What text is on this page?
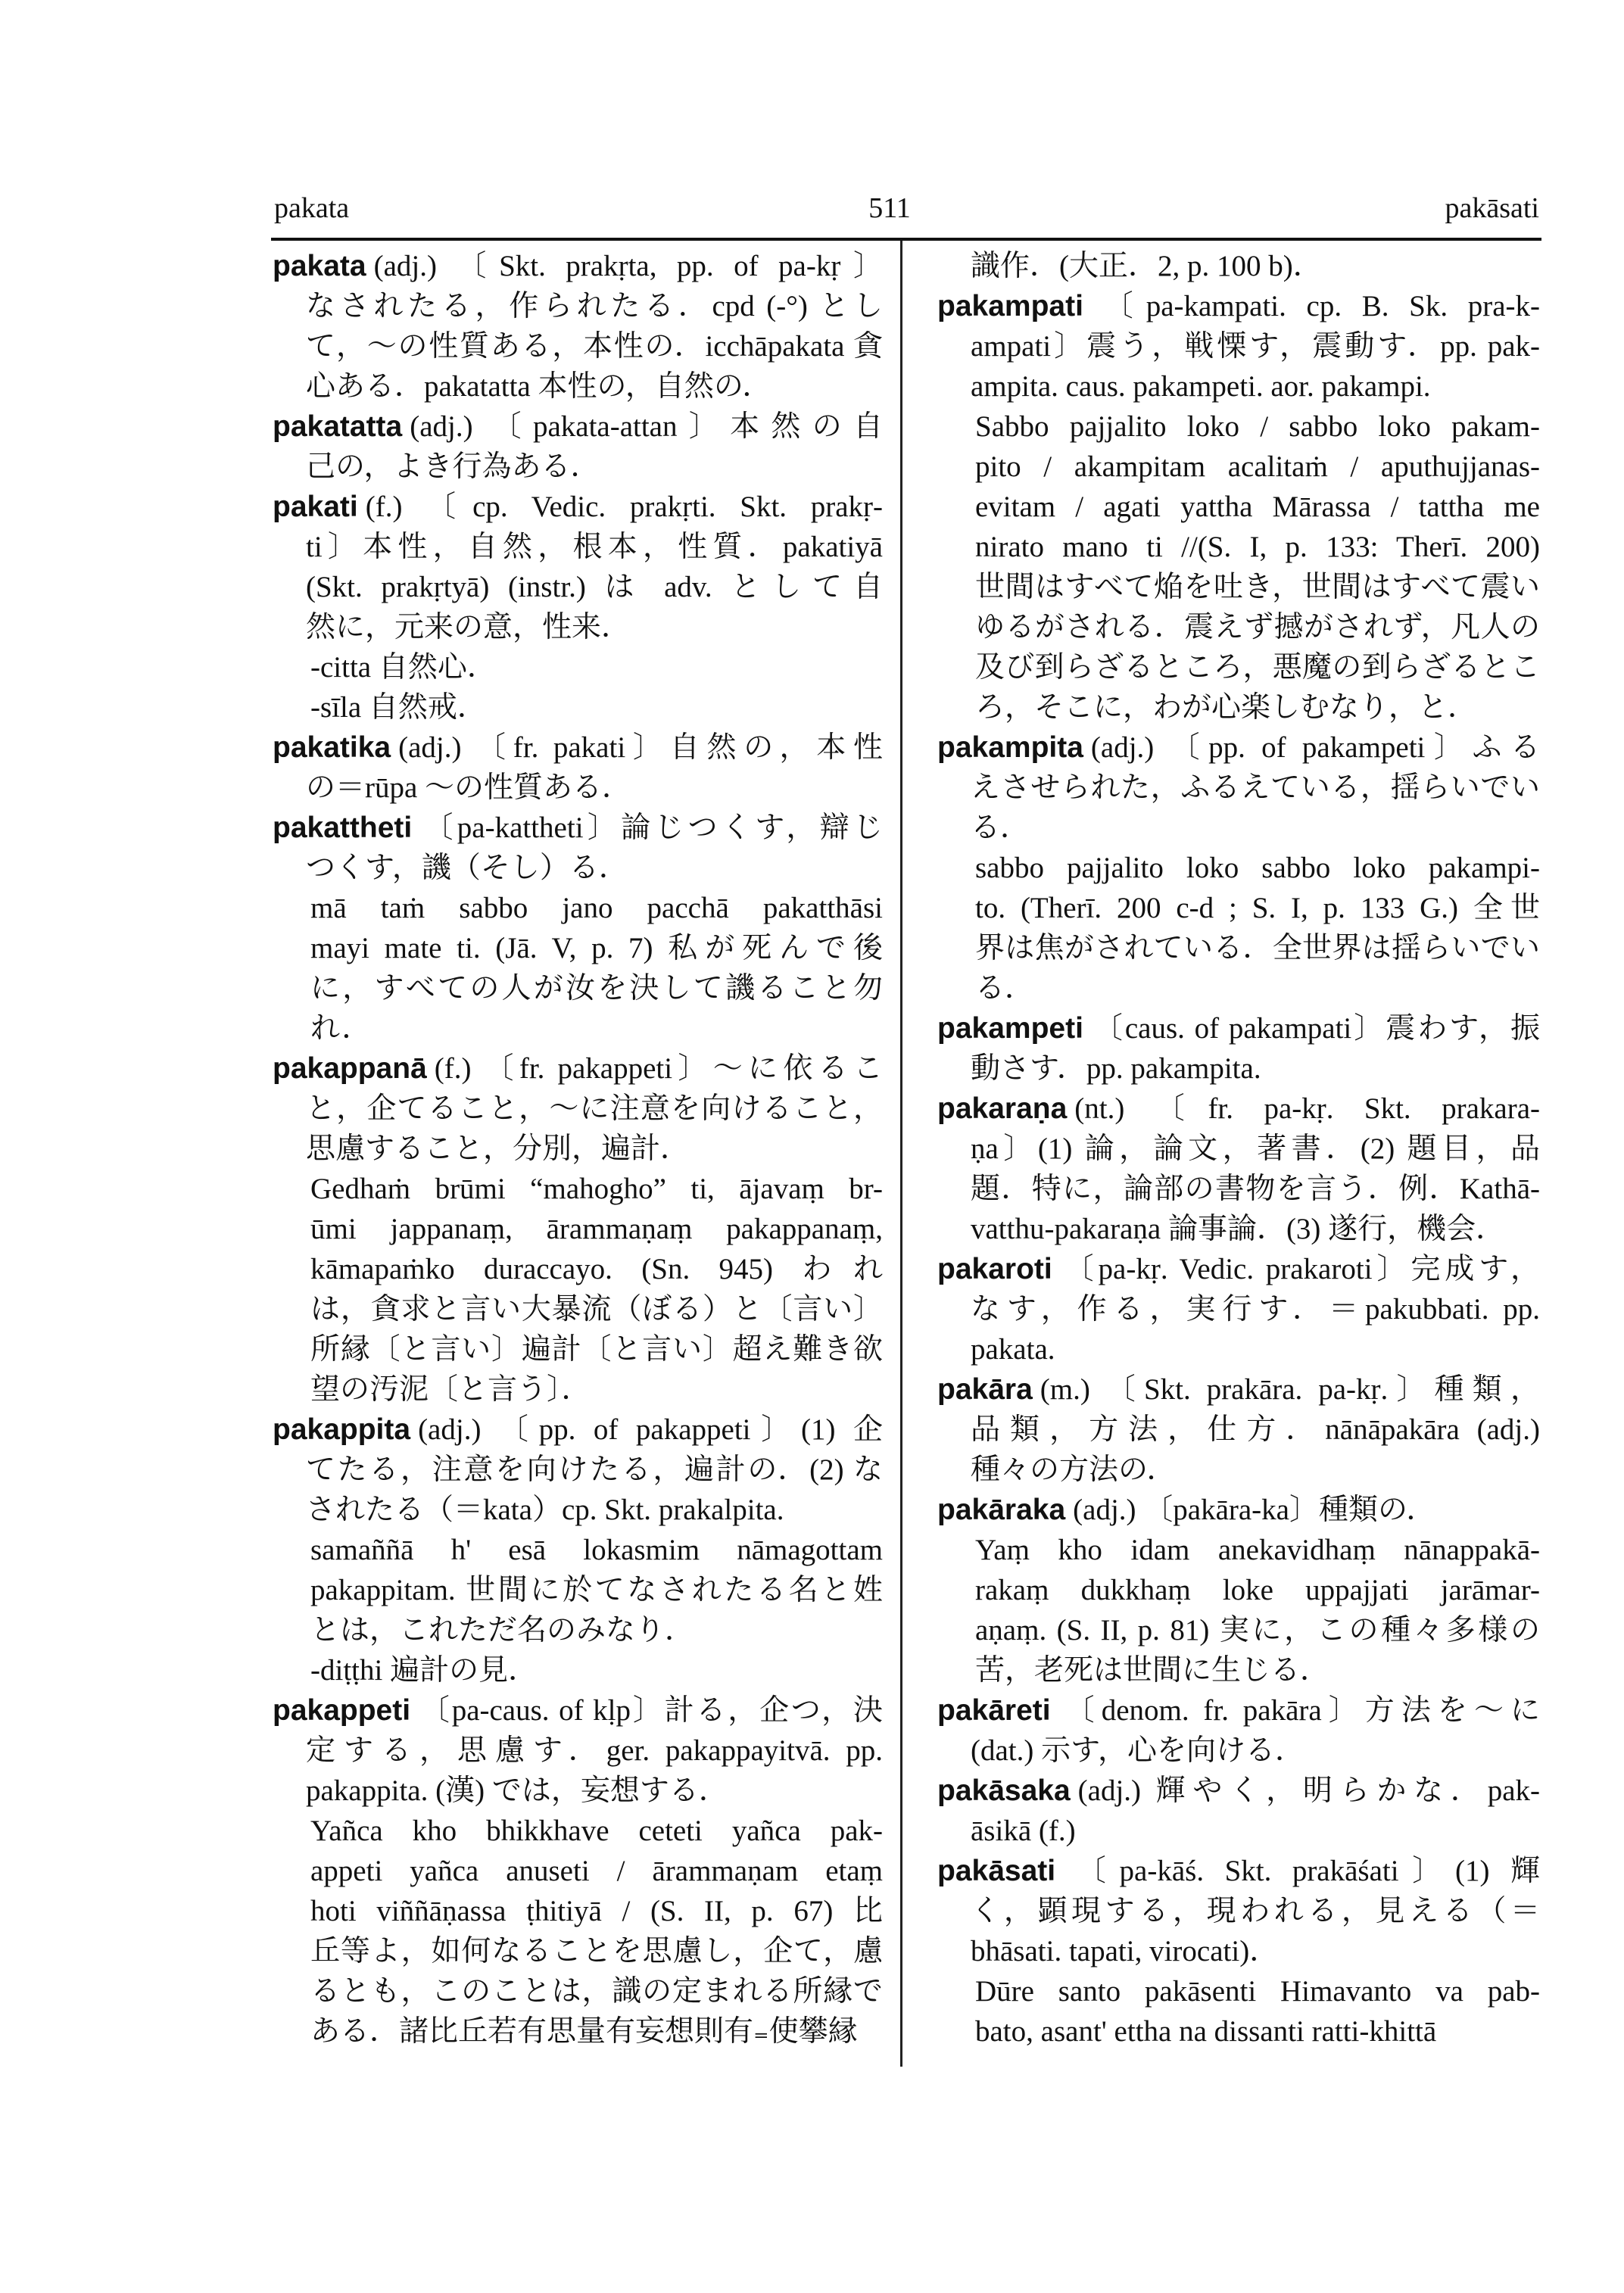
pakata	511	pakāsati
pakata (adj.) 〔Skt. prakṛta, pp. of pa-kṛ〕
なされたる，作られたる．cpd (-°) とし
て，〜の性質ある，本性の．icchāpakata 貪
心ある．pakatatta 本性の，自然の．
pakatatta (adj.) 〔pakata-attan〕本然の自
己の，よき行為ある．
pakati (f.) 〔cp. Vedic. prakṛti. Skt. prakṛ-
ti〕本性，自然，根本，性質．pakatiyā
(Skt. prakṛtyā) (instr.) は adv. として自
然に，元来の意，性来．
-citta 自然心．
-sīla 自然戒．
pakatika (adj.) 〔fr. pakati〕自然の，本性
の＝rūpa 〜の性質ある．
pakattheti 〔pa-kattheti〕論じつくす，辯じ
つくす，譏（そし）る．
mā taṁ sabbo jano pacchā pakatthāsi
mayi mate ti. (Jā. V, p. 7) 私が死んで後
に，すべての人が汝を決して譏ること勿
れ．
pakappanā (f.) 〔fr. pakappeti〕〜に依るこ
と，企てること，〜に注意を向けること，
思慮すること，分別，遍計．
Gedhaṁ brūmi “mahogho” ti, ājavaṃ br-
ūmi jappanaṃ, ārammaṇaṃ pakappanaṃ,
kāmapaṁko duraccayo. (Sn. 945) われ
は，貪求と言い大暴流（ぼる）と〔言い〕
所縁〔と言い〕遍計〔と言い〕超え難き欲
望の汚泥〔と言う〕．
pakappita (adj.) 〔pp. of pakappeti〕(1) 企
てたる，注意を向けたる，遍計の．(2) な
されたる（＝kata）cp. Skt. prakalpita.
samaññā h' esā lokasmim nāmagottam
pakappitam. 世間に於てなされたる名と姓
とは，これただ名のみなり．
-diṭṭhi 遍計の見．
pakappeti 〔pa-caus. of kḷp〕計る，企つ，決
定する，思慮す．ger. pakappayitvā. pp.
pakappita. (漢) では，妄想する．
Yañca kho bhikkhave ceteti yañca pak-
appeti yañca anuseti / ārammaṇam etaṃ
hoti viññāṇassa ṭhitiyā / (S. II, p. 67) 比
丘等よ，如何なることを思慮し，企て，慮
るとも，このことは，識の定まれる所縁で
ある．諸比丘若有思量有妄想則有₌使攀縁
識作．(大正．2, p. 100 b)．
pakampati 〔pa-kampati. cp. B. Sk. pra-k-
ampati〕震う，戦慄す，震動す．pp. pak-
ampita. caus. pakampeti. aor. pakampi.
Sabbo pajjalito loko / sabbo loko pakam-
pito / akampitam acalitaṁ / aputhujjanas-
evitam / agati yattha Mārassa / tattha me
nirato mano ti //(S. I, p. 133: Therī. 200)
世間はすべて焔を吐き，世間はすべて震い
ゆるがされる．震えず撼がされず，凡人の
及び到らざるところ，悪魔の到らざるとこ
ろ，そこに，わが心楽しむなり，と．
pakampita (adj.) 〔pp. of pakampeti〕ふる
えさせられた，ふるえている，揺らいでい
る．
sabbo pajjalito loko sabbo loko pakampi-
to. (Therī. 200 c-d ; S. I, p. 133 G.) 全世
界は焦がされている．全世界は揺らいでい
る．
pakampeti 〔caus. of pakampati〕震わす，振
動さす．pp. pakampita.
pakaraṇa (nt.) 〔fr. pa-kṛ. Skt. prakara-
ṇa〕(1) 論，論文，著書．(2) 題目，品
題．特に，論部の書物を言う．例．Kathā-
vatthu-pakaraṇa 論事論．(3) 遂行，機会．
pakaroti 〔pa-kṛ. Vedic. prakaroti〕完成す，
なす，作る，実行す．＝pakubbati. pp.
pakata.
pakāra (m.) 〔Skt. prakāra. pa-kṛ.〕種類，
品類，方法，仕方．nānāpakāra (adj.)
種々の方法の．
pakāraka (adj.) 〔pakāra-ka〕種類の．
Yaṃ kho idam anekavidhaṃ nānappakā-
rakaṃ dukkhaṃ loke uppajjati jarāmar-
aṇaṃ. (S. II, p. 81) 実に，この種々多様の
苦，老死は世間に生じる．
pakāreti 〔denom. fr. pakāra〕方法を〜に
(dat.) 示す，心を向ける．
pakāsaka (adj.) 輝やく，明らかな．pak-
āsikā (f.)
pakāsati 〔pa-kāś. Skt. prakāśati〕(1) 輝
く，顕現する，現われる，見える（＝
bhāsati. tapati, virocati)．
Dūre santo pakāsenti Himavanto va pab-
bato, asant' ettha na dissanti ratti-khittā
